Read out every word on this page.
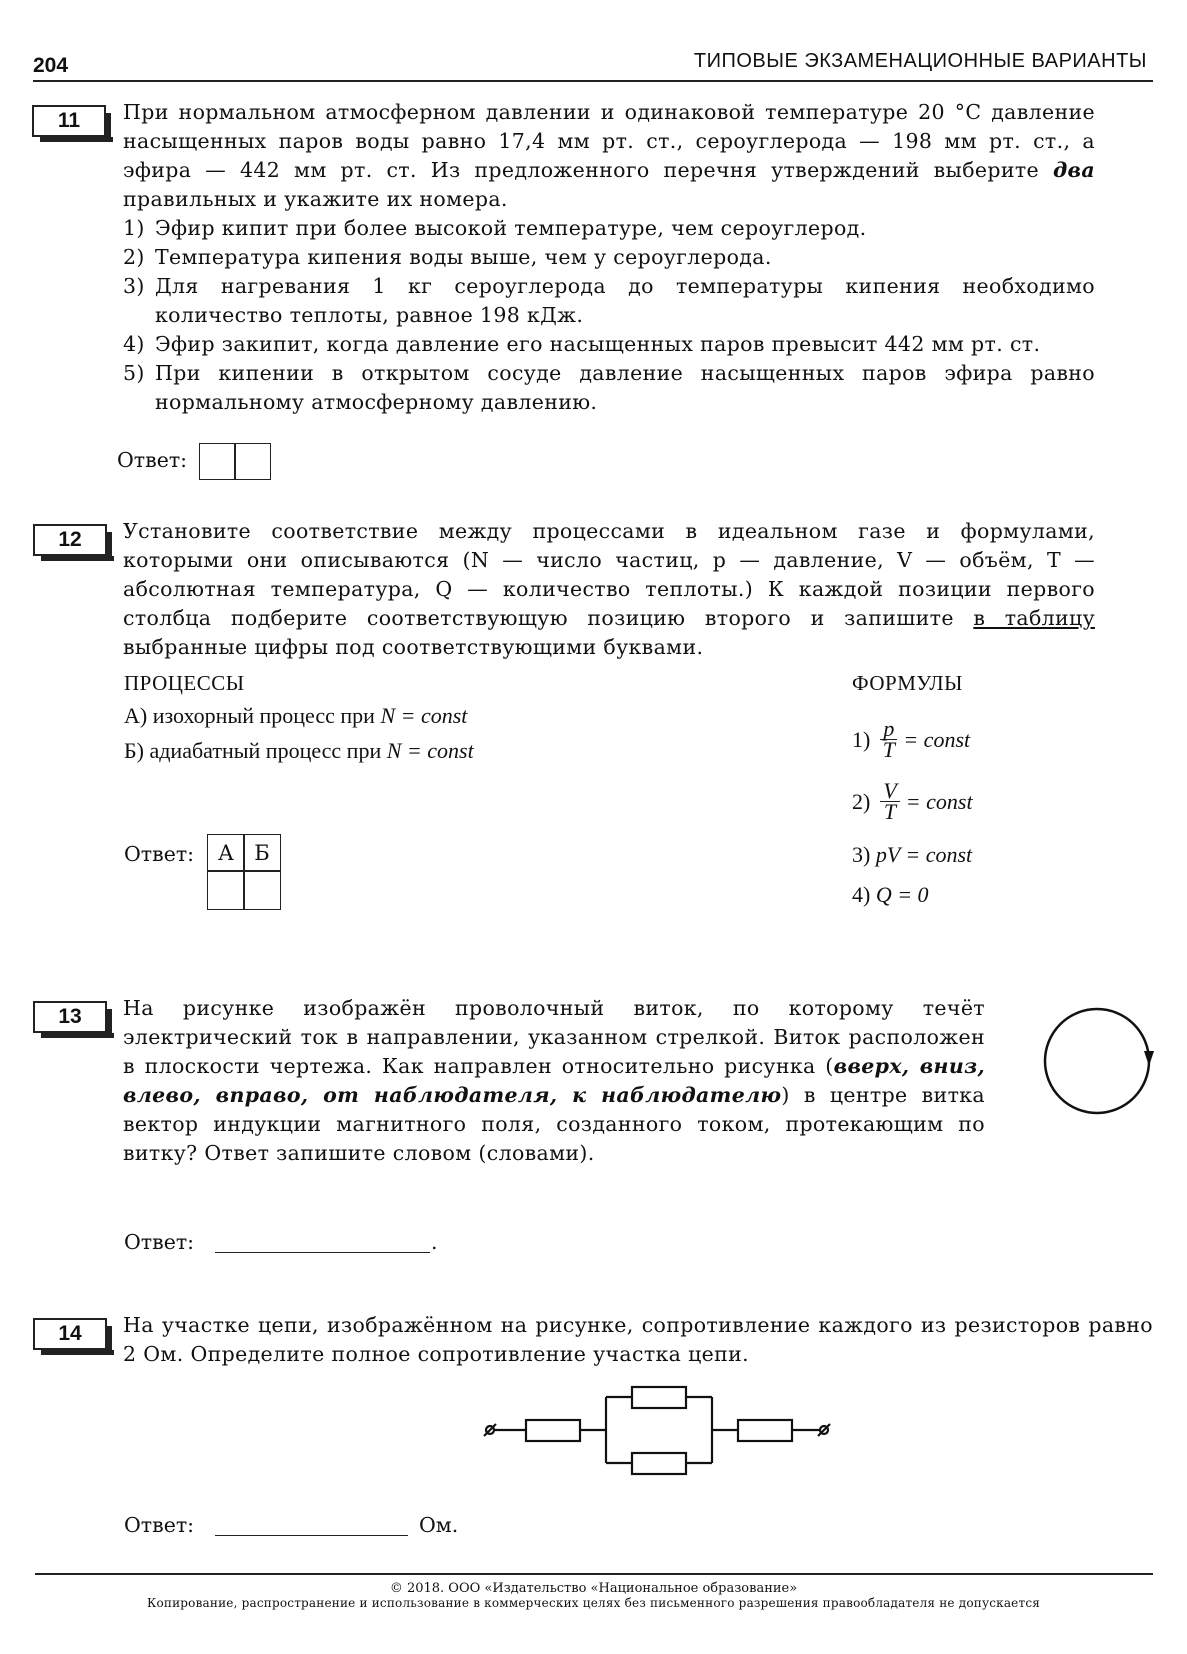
204	ТИПОВЫЕ ЭКЗАМЕНАЦИОННЫЕ ВАРИАНТЫ
11	При нормальном атмосферном давлении и одинаковой температуре 20 °С давление насыщенных паров воды равно 17,4 мм рт. ст., сероуглерода — 198 мм рт. ст., а эфира — 442 мм рт. ст. Из предложенного перечня утверждений выберите два правильных и укажите их номера.
1) Эфир кипит при более высокой температуре, чем сероуглерод.
2) Температура кипения воды выше, чем у сероуглерода.
3) Для нагревания 1 кг сероуглерода до температуры кипения необходимо количество теплоты, равное 198 кДж.
4) Эфир закипит, когда давление его насыщенных паров превысит 442 мм рт. ст.
5) При кипении в открытом сосуде давление насыщенных паров эфира равно нормальному атмосферному давлению.
Ответ:
12	Установите соответствие между процессами в идеальном газе и формулами, которыми они описываются (N — число частиц, p — давление, V — объём, T — абсолютная температура, Q — количество теплоты.) К каждой позиции первого столбца подберите соответствующую позицию второго и запишите в таблицу выбранные цифры под соответствующими буквами.
ПРОЦЕССЫ
А) изохорный процесс при N = const
Б) адиабатный процесс при N = const
ФОРМУЛЫ
$1) \frac{p}{T}$ = const
$2) \frac{V}{T}$ = const
3)
pV = const
4)
Q = 0
Ответ:	А Б
13	На рисунке изображён проволочный виток, по которому течёт электрический ток в направлении, указанном стрелкой. Виток расположен в плоскости чертежа. Как направлен относительно рисунка (вверх, вниз, влево, вправо, от наблюдателя, к наблюдателю) в центре витка вектор индукции магнитного поля, созданного током, протекающим по витку? Ответ запишите словом (словами).
Ответ:	.
14	На участке цепи, изображённом на рисунке, сопротивление каждого из резисторов равно 2 Ом. Определите полное сопротивление участка цепи.
Ответ:	Ом.
© 2018. ООО «Издательство «Национальное образование»
Копирование, распространение и использование в коммерческих целях без письменного разрешения правообладателя не допускается
